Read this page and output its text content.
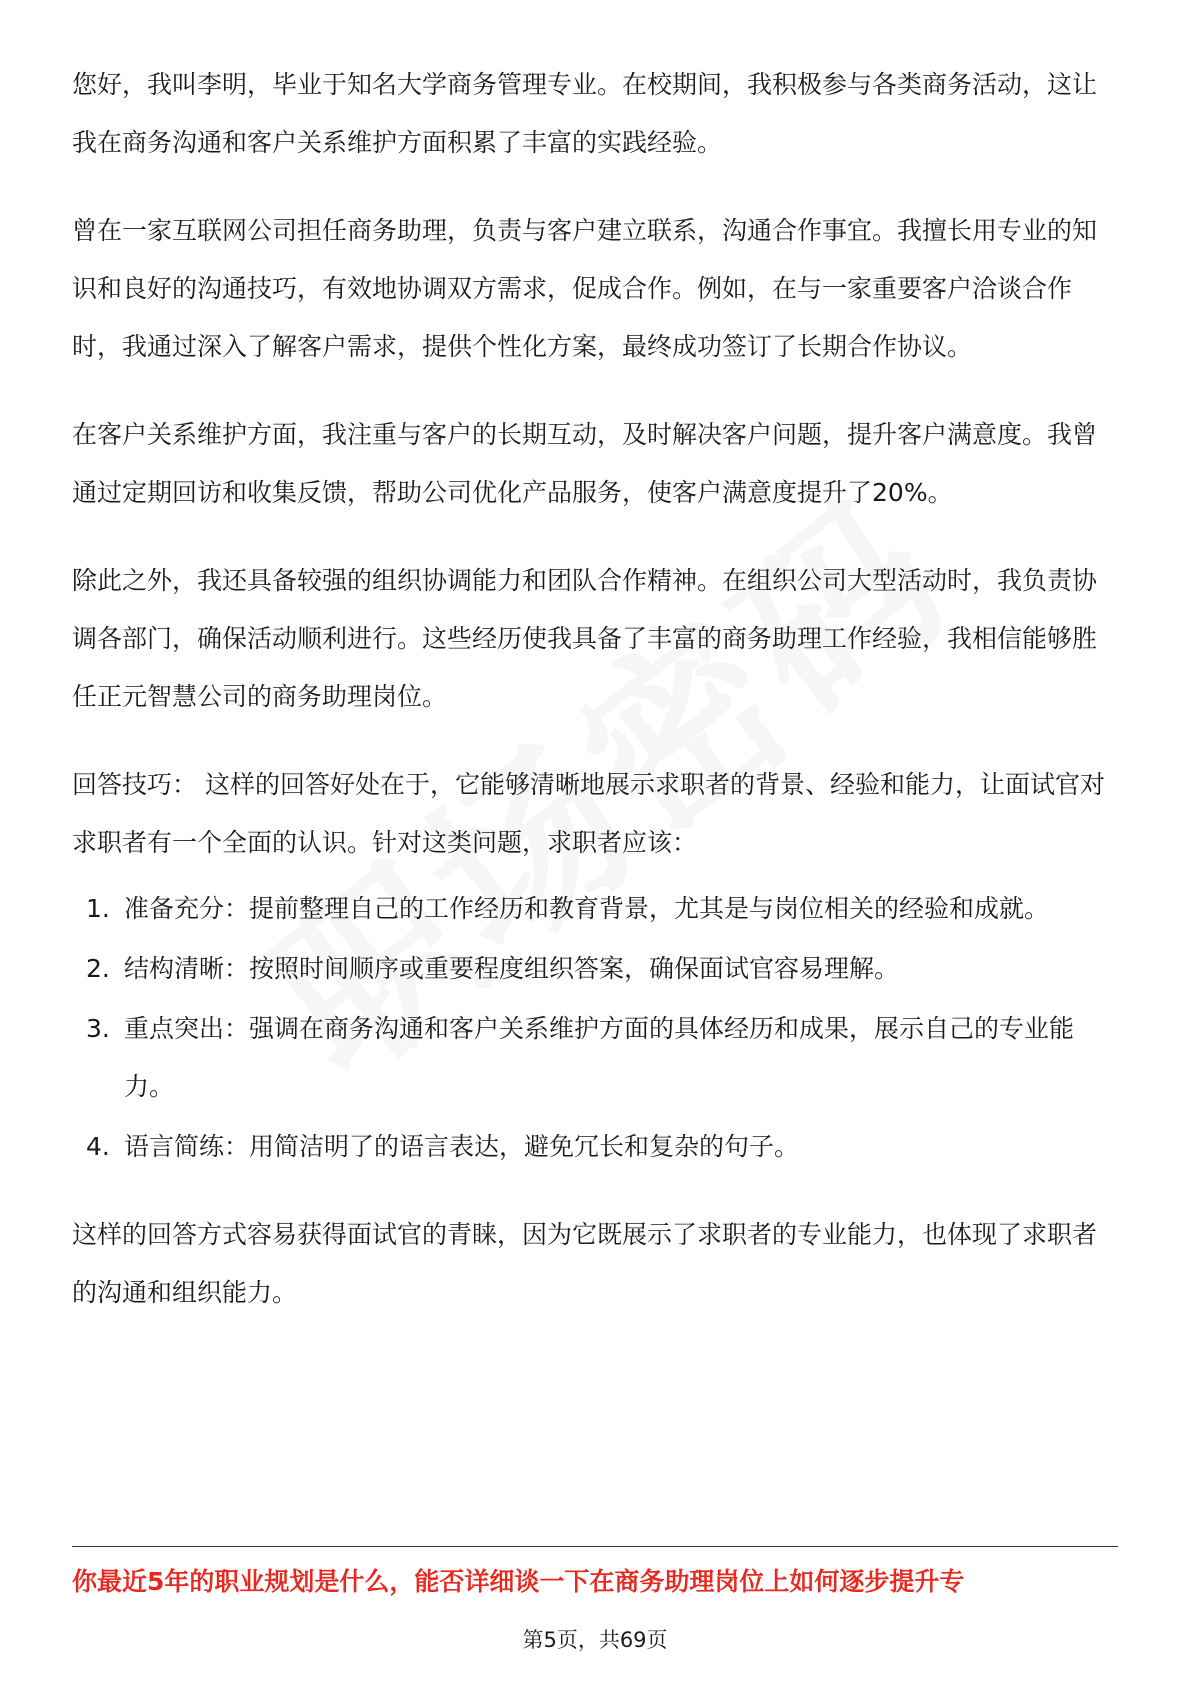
您好，我叫李明，毕业于知名大学商务管理专业。在校期间，我积极参与各类商务活动，这让我在商务沟通和客户关系维护方面积累了丰富的实践经验。

曾在一家互联网公司担任商务助理，负责与客户建立联系，沟通合作事宜。我擅长用专业的知识和良好的沟通技巧，有效地协调双方需求，促成合作。例如，在与一家重要客户洽谈合作时，我通过深入了解客户需求，提供个性化方案，最终成功签订了长期合作协议。

在客户关系维护方面，我注重与客户的长期互动，及时解决客户问题，提升客户满意度。我曾通过定期回访和收集反馈，帮助公司优化产品服务，使客户满意度提升了20%。

除此之外，我还具备较强的组织协调能力和团队合作精神。在组织公司大型活动时，我负责协调各部门，确保活动顺利进行。这些经历使我具备了丰富的商务助理工作经验，我相信能够胜任正元智慧公司的商务助理岗位。

回答技巧： 这样的回答好处在于，它能够清晰地展示求职者的背景、经验和能力，让面试官对求职者有一个全面的认识。针对这类问题，求职者应该：

1. 准备充分：提前整理自己的工作经历和教育背景，尤其是与岗位相关的经验和成就。
2. 结构清晰：按照时间顺序或重要程度组织答案，确保面试官容易理解。
3. 重点突出：强调在商务沟通和客户关系维护方面的具体经历和成果，展示自己的专业能力。
4. 语言简练：用简洁明了的语言表达，避免冗长和复杂的句子。

这样的回答方式容易获得面试官的青睐，因为它既展示了求职者的专业能力，也体现了求职者的沟通和组织能力。

你最近5年的职业规划是什么，能否详细谈一下在商务助理岗位上如何逐步提升专
第5页，共69页
